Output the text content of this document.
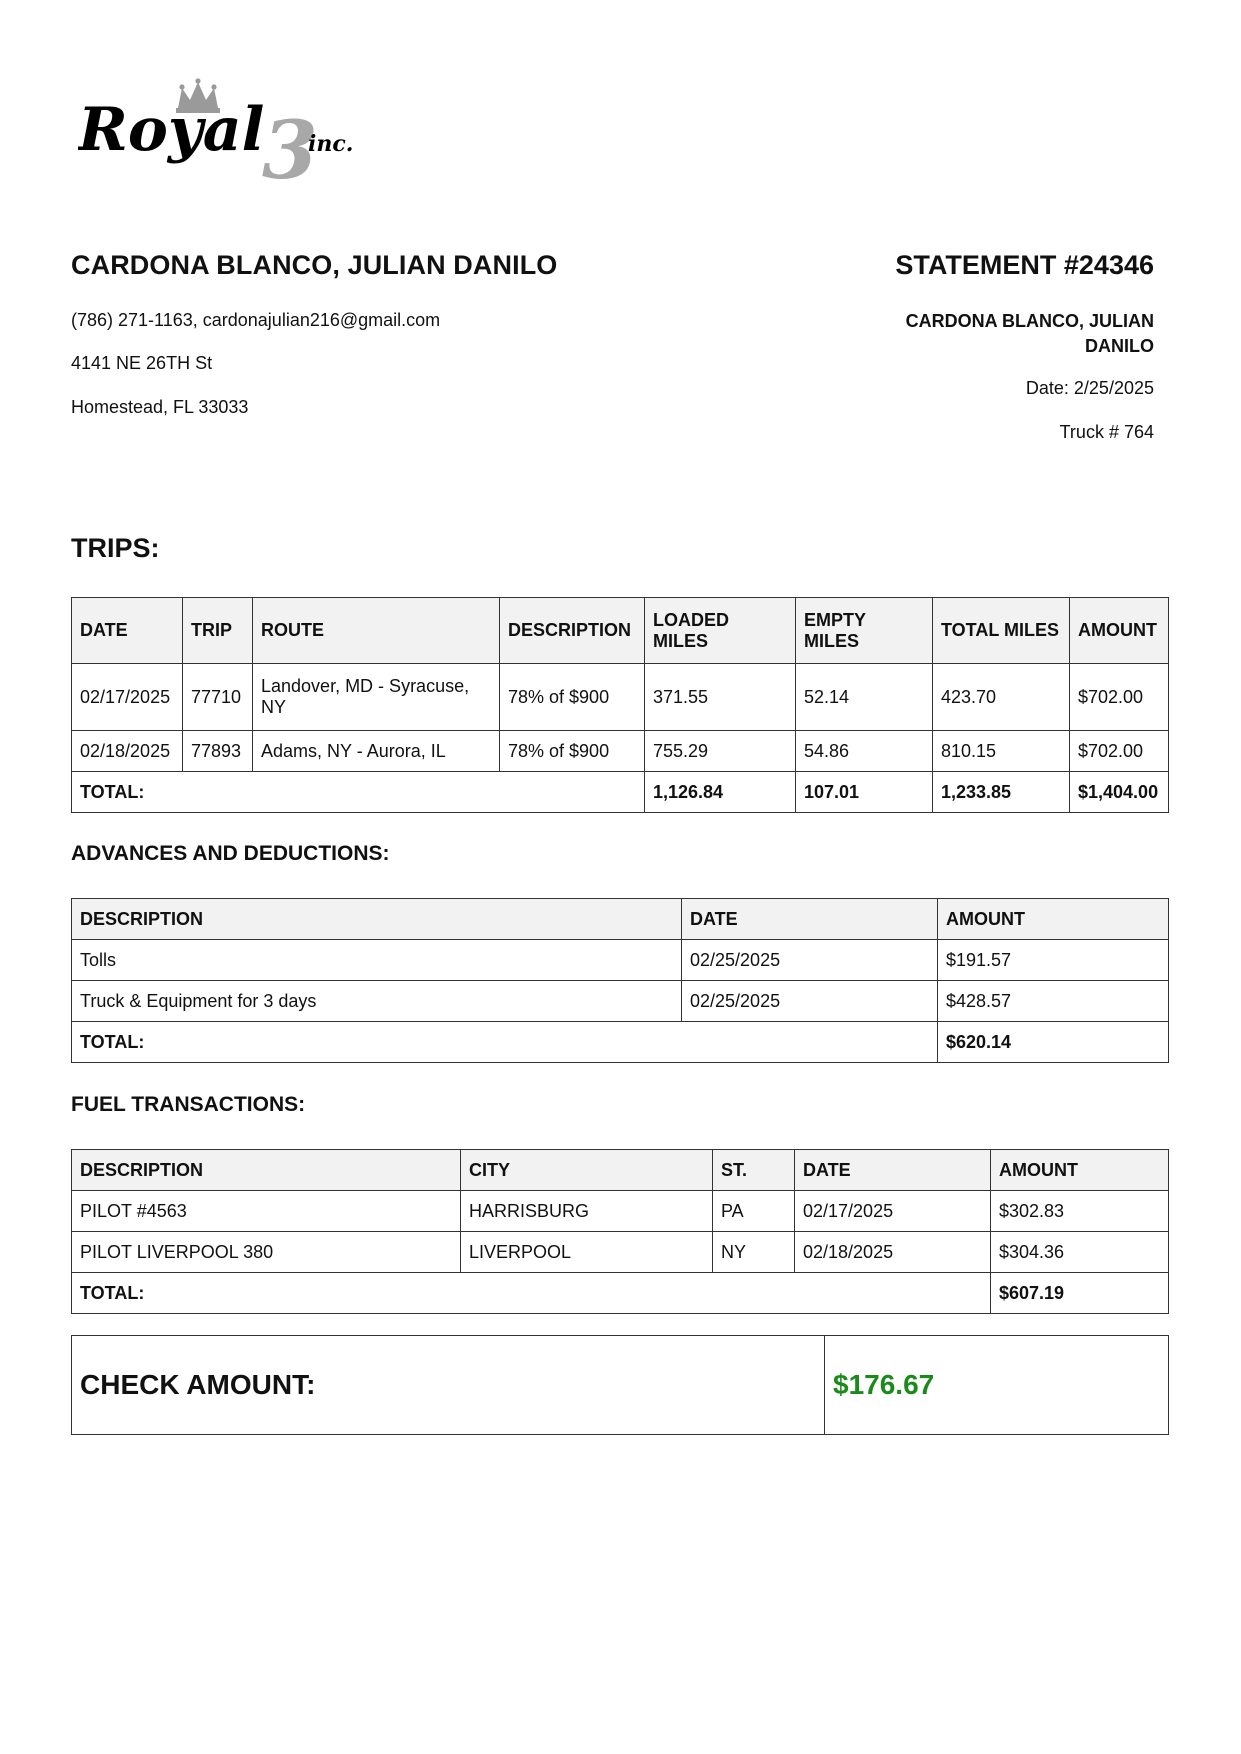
Royal
3
inc.
CARDONA BLANCO, JULIAN DANILO
(786) 271-1163, cardonajulian216@gmail.com
4141 NE 26TH St
Homestead, FL 33033
STATEMENT #24346
CARDONA BLANCO, JULIAN DANILO
Date: 2/25/2025
Truck # 764
TRIPS:
DATE	TRIP	ROUTE	DESCRIPTION	LOADED MILES	EMPTY MILES	TOTAL MILES	AMOUNT
02/17/2025	77710	Landover, MD - Syracuse, NY	78% of $900	371.55	52.14	423.70	$702.00
02/18/2025	77893	Adams, NY - Aurora, IL	78% of $900	755.29	54.86	810.15	$702.00
TOTAL:				1,126.84	107.01	1,233.85	$1,404.00
ADVANCES AND DEDUCTIONS:
DESCRIPTION	DATE	AMOUNT
Tolls	02/25/2025	$191.57
Truck & Equipment for 3 days	02/25/2025	$428.57
TOTAL:		$620.14
FUEL TRANSACTIONS:
DESCRIPTION	CITY	ST.	DATE	AMOUNT
PILOT #4563	HARRISBURG	PA	02/17/2025	$302.83
PILOT LIVERPOOL 380	LIVERPOOL	NY	02/18/2025	$304.36
TOTAL:				$607.19
CHECK AMOUNT:	$176.67
